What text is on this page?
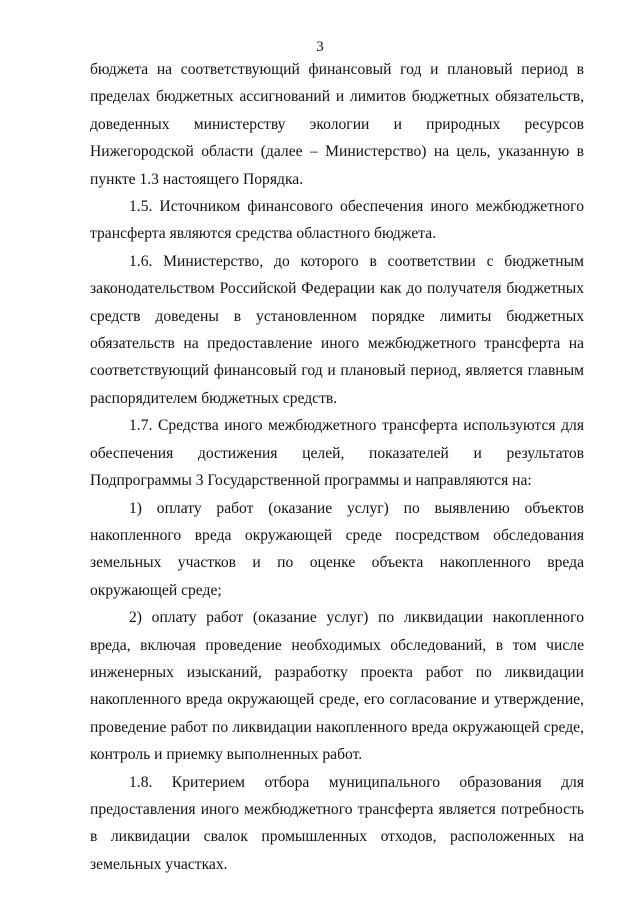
3

бюджета на соответствующий финансовый год и плановый период в пределах бюджетных ассигнований и лимитов бюджетных обязательств, доведенных министерству экологии и природных ресурсов Нижегородской области (далее – Министерство) на цель, указанную в пункте 1.3 настоящего Порядка.

1.5. Источником финансового обеспечения иного межбюджетного трансферта являются средства областного бюджета.

1.6. Министерство, до которого в соответствии с бюджетным законодательством Российской Федерации как до получателя бюджетных средств доведены в установленном порядке лимиты бюджетных обязательств на предоставление иного межбюджетного трансферта на соответствующий финансовый год и плановый период, является главным распорядителем бюджетных средств.

1.7. Средства иного межбюджетного трансферта используются для обеспечения достижения целей, показателей и результатов Подпрограммы 3 Государственной программы и направляются на:

1) оплату работ (оказание услуг) по выявлению объектов накопленного вреда окружающей среде посредством обследования земельных участков и по оценке объекта накопленного вреда окружающей среде;

2) оплату работ (оказание услуг) по ликвидации накопленного вреда, включая проведение необходимых обследований, в том числе инженерных изысканий, разработку проекта работ по ликвидации накопленного вреда окружающей среде, его согласование и утверждение, проведение работ по ликвидации накопленного вреда окружающей среде, контроль и приемку выполненных работ.

1.8. Критерием отбора муниципального образования для предоставления иного межбюджетного трансферта является потребность в ликвидации свалок промышленных отходов, расположенных на земельных участках.
